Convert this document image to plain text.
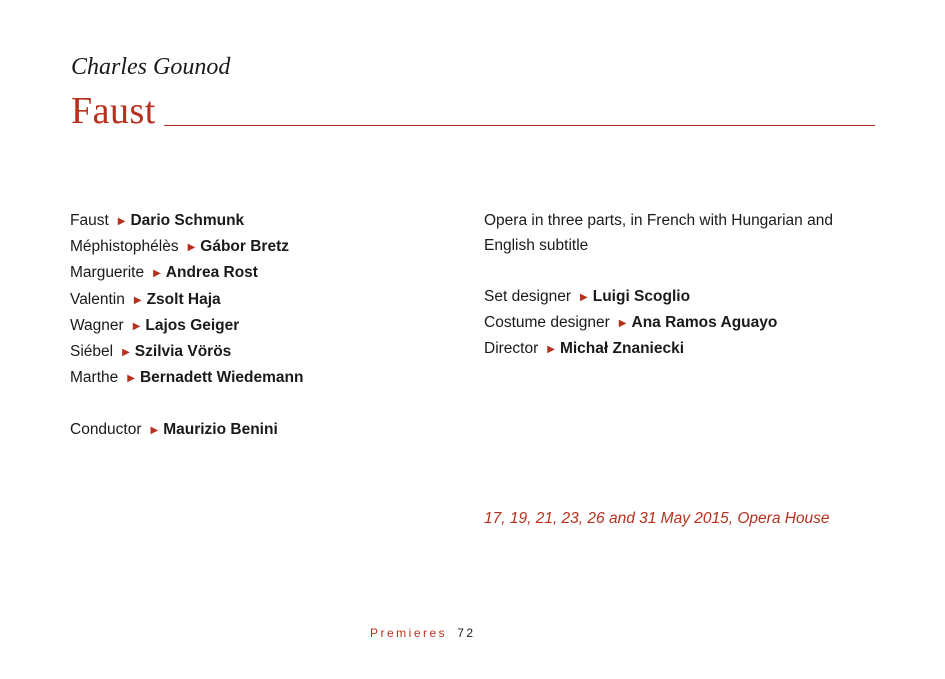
Charles Gounod
Faust
Faust ▶ Dario Schmunk
Méphistophélès ▶ Gábor Bretz
Marguerite ▶ Andrea Rost
Valentin ▶ Zsolt Haja
Wagner ▶ Lajos Geiger
Siébel ▶ Szilvia Vörös
Marthe ▶ Bernadett Wiedemann
Conductor ▶ Maurizio Benini
Opera in three parts, in French with Hungarian and English subtitle
Set designer ▶ Luigi Scoglio
Costume designer ▶ Ana Ramos Aguayo
Director ▶ Michał Znaniecki
17, 19, 21, 23, 26 and 31 May 2015, Opera House
Premieres 72
